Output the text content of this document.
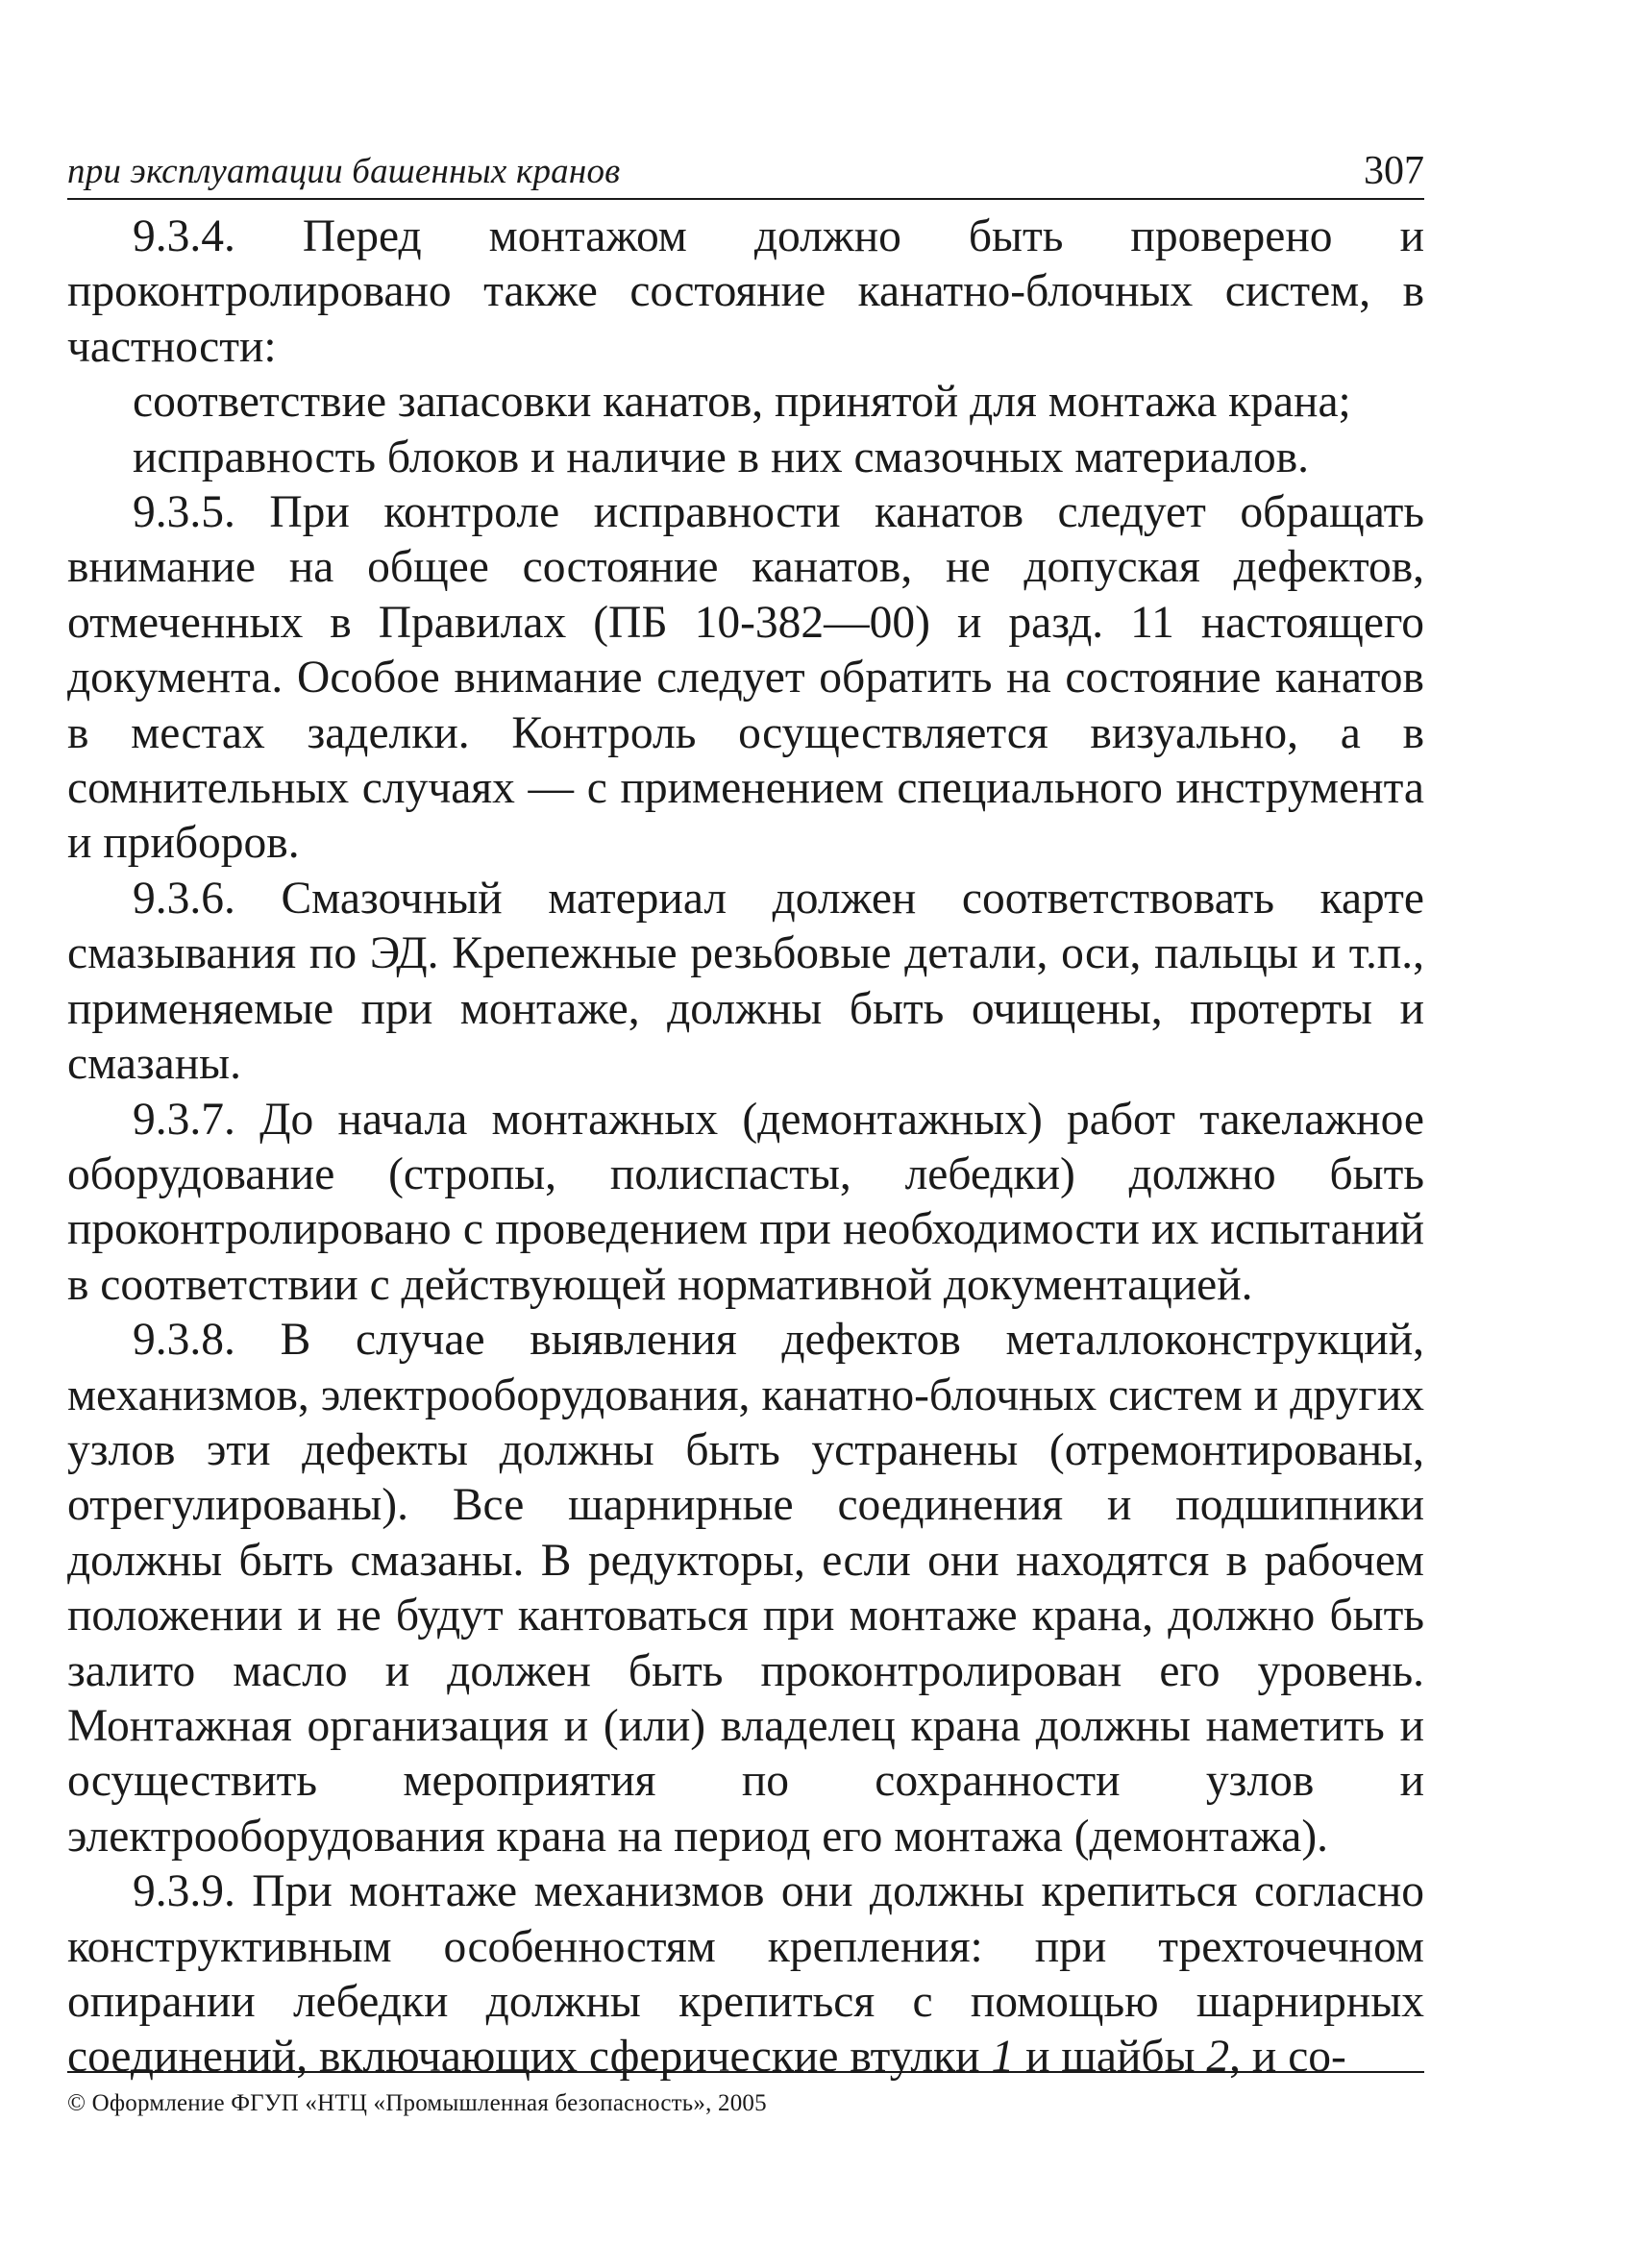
при эксплуатации башенных кранов	307

9.3.4. Перед монтажом должно быть проверено и проконтролировано также состояние канатно-блочных систем, в частности:

соответствие запасовки канатов, принятой для монтажа крана;

исправность блоков и наличие в них смазочных материалов.

9.3.5. При контроле исправности канатов следует обращать внимание на общее состояние канатов, не допуская дефектов, отмеченных в Правилах (ПБ 10-382—00) и разд. 11 настоящего документа. Особое внимание следует обратить на состояние канатов в местах заделки. Контроль осуществляется визуально, а в сомнительных случаях — с применением специального инструмента и приборов.

9.3.6. Смазочный материал должен соответствовать карте смазывания по ЭД. Крепежные резьбовые детали, оси, пальцы и т.п., применяемые при монтаже, должны быть очищены, протерты и смазаны.

9.3.7. До начала монтажных (демонтажных) работ такелажное оборудование (стропы, полиспасты, лебедки) должно быть проконтролировано с проведением при необходимости их испытаний в соответствии с действующей нормативной документацией.

9.3.8. В случае выявления дефектов металлоконструкций, механизмов, электрооборудования, канатно-блочных систем и других узлов эти дефекты должны быть устранены (отремонтированы, отрегулированы). Все шарнирные соединения и подшипники должны быть смазаны. В редукторы, если они находятся в рабочем положении и не будут кантоваться при монтаже крана, должно быть залито масло и должен быть проконтролирован его уровень. Монтажная организация и (или) владелец крана должны наметить и осуществить мероприятия по сохранности узлов и электрооборудования крана на период его монтажа (демонтажа).

9.3.9. При монтаже механизмов они должны крепиться согласно конструктивным особенностям крепления: при трехточечном опирании лебедки должны крепиться с помощью шарнирных соединений, включающих сферические втулки 1 и шайбы 2, и со-

© Оформление ФГУП «НТЦ «Промышленная безопасность», 2005
